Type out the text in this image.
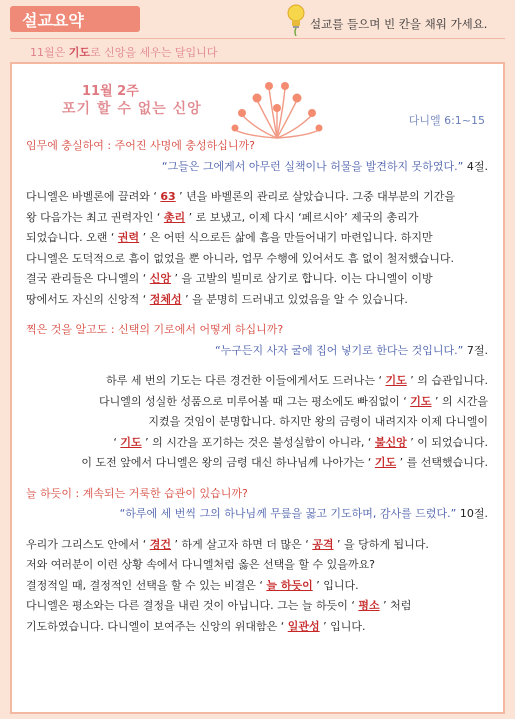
설교요약	설교를 들으며 빈 칸을 채워 가세요.
11월은 기도로 신앙을 세우는 달입니다
11월 2주
포기 할 수 없는 신앙
다니엘 6:1~15

임무에 충실하여 : 주어진 사명에 충성하십니까?

“그들은 그에게서 아무런 실책이나 허물을 발견하지 못하였다.” 4절.

다니엘은 바벨론에 끌려와 ‘ 63 ’ 년을 바벨론의 관리로 살았습니다. 그중 대부분의 기간을

왕 다음가는 최고 권력자인 ‘ 총리 ’ 로 보냈고, 이제 다시 ‘페르시아’ 제국의 총리가

되었습니다. 오랜 ‘ 권력 ’ 은 어떤 식으로든 삶에 흠을 만들어내기 마련입니다. 하지만

다니엘은 도덕적으로 흠이 없었을 뿐 아니라, 업무 수행에 있어서도 흠 없이 철저했습니다.

결국 관리들은 다니엘의 ‘ 신앙 ’ 을 고발의 빌미로 삼기로 합니다. 이는 다니엘이 이방

땅에서도 자신의 신앙적 ‘ 정체성 ’ 을 분명히 드러내고 있었음을 알 수 있습니다.

찍은 것을 알고도 : 신택의 기로에서 어떻게 하십니까?

“누구든지 사자 굴에 집어 넣기로 한다는 것입니다.” 7절.

하루 세 번의 기도는 다른 경건한 이들에게서도 드러나는 ‘ 기도 ’ 의 습관입니다.

다니엘의 성실한 성품으로 미루어볼 때 그는 평소에도 빠짐없이 ‘ 기도 ’ 의 시간을

지켰을 것임이 분명합니다. 하지만 왕의 금령이 내려지자 이제 다니엘이

‘ 기도 ’ 의 시간을 포기하는 것은 불성실함이 아니라, ‘ 불신앙 ’ 이 되었습니다.

이 도전 앞에서 다니엘은 왕의 금령 대신 하나님께 나아가는 ‘ 기도 ’ 를 선택했습니다.

늘 하듯이 : 계속되는 거룩한 습관이 있습니까?

“하루에 세 번씩 그의 하나님께 무릎을 꿇고 기도하며, 감사를 드렸다.” 10절.

우리가 그리스도 안에서 ‘ 경건 ’ 하게 살고자 하면 더 많은 ‘ 공격 ’ 을 당하게 됩니다.

저와 여러분이 이런 상황 속에서 다니엘처럼 옳은 선택을 할 수 있을까요?

결정적일 때, 결정적인 선택을 할 수 있는 비결은 ‘ 늘 하듯이 ’ 입니다.

다니엘은 평소와는 다른 결정을 내린 것이 아닙니다. 그는 늘 하듯이 ‘ 평소 ’ 처럼

기도하였습니다. 다니엘이 보여주는 신앙의 위대함은 ‘ 일관성 ’ 입니다.
